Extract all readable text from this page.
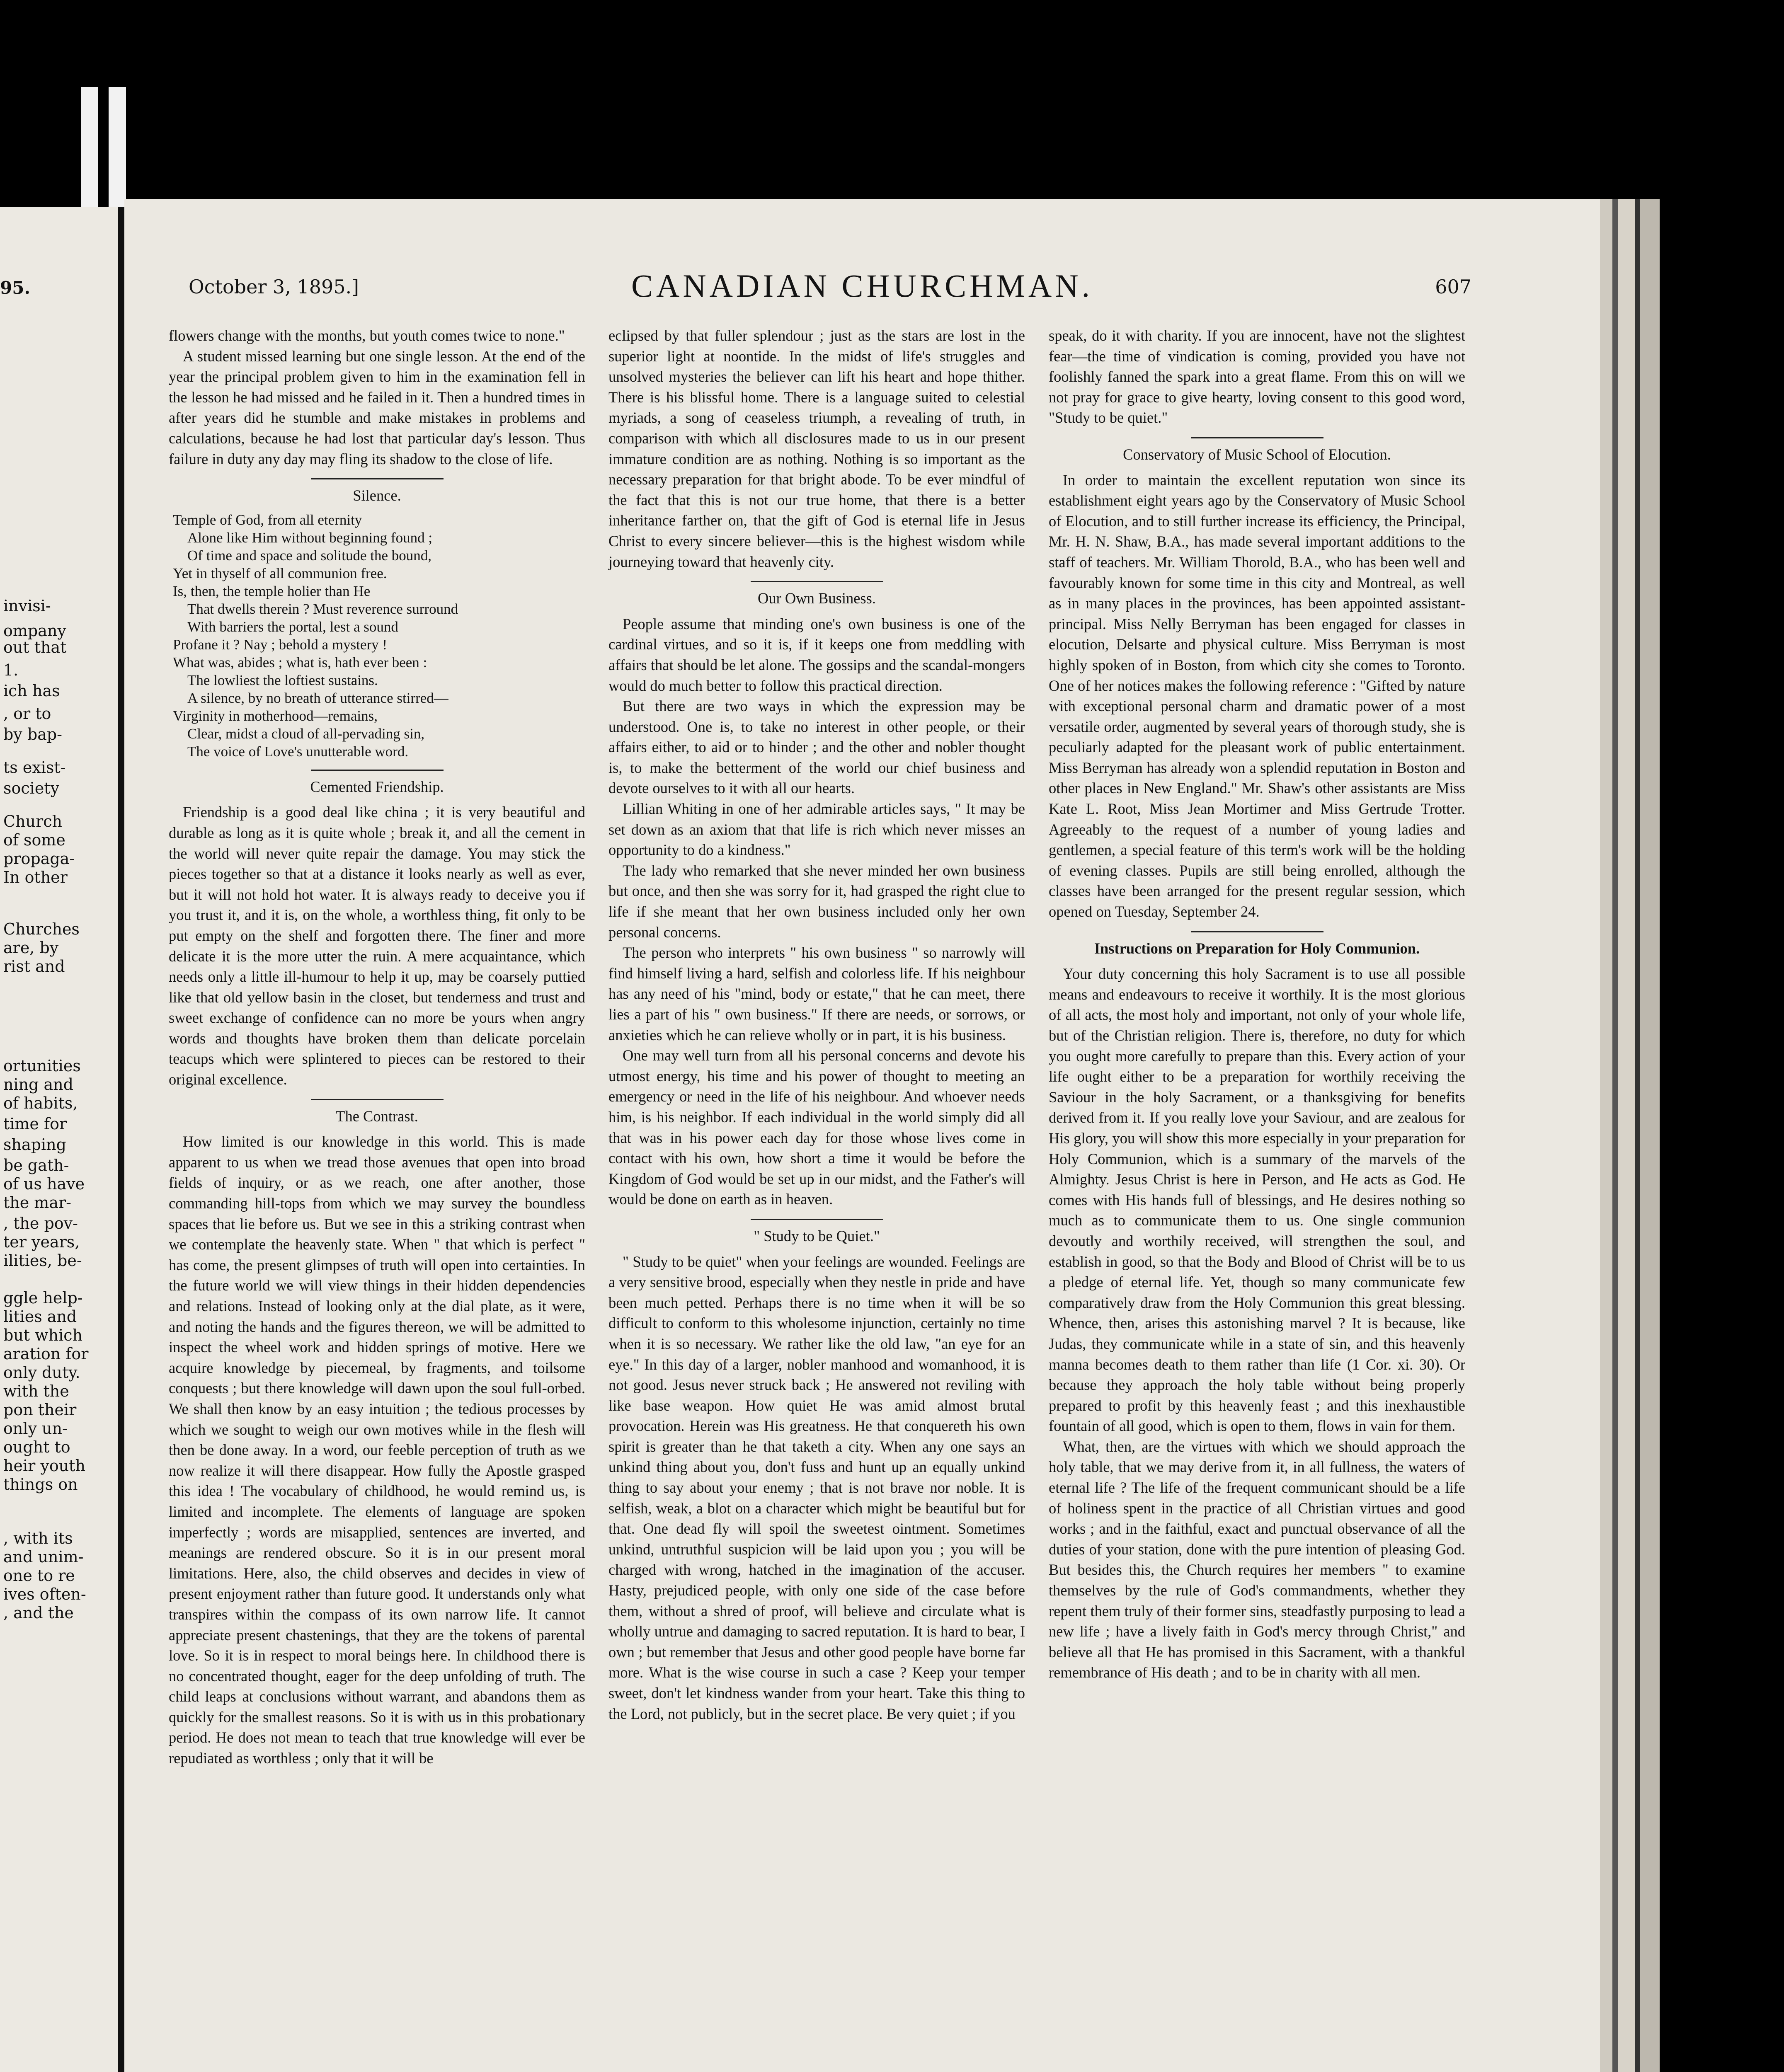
95.
invisi-
ompany
out that
1.
ich has
, or to
by bap-
ts exist-
society
Church
of some
propaga-
In other
Churches
are, by
rist and
ortunities
ning and
of habits,
time for
shaping
be gath-
of us have
the mar-
, the pov-
ter years,
ilities, be-
ggle help-
lities and
but which
aration for
only duty.
with the
pon their
only un-
ought to
heir youth
things on
, with its
and unim-
one to re
ives often-
, and the
October 3, 1895.]	CANADIAN CHURCHMAN.	607

flowers change with the months, but youth comes twice to none."

A student missed learning but one single lesson. At the end of the year the principal problem given to him in the examination fell in the lesson he had missed and he failed in it. Then a hundred times in after years did he stumble and make mistakes in problems and calculations, because he had lost that particular day's lesson. Thus failure in duty any day may fling its shadow to the close of life.

Silence.
Temple of God, from all eternity
Alone like Him without beginning found ;
Of time and space and solitude the bound,
Yet in thyself of all communion free.
Is, then, the temple holier than He
That dwells therein ? Must reverence surround
With barriers the portal, lest a sound
Profane it ? Nay ; behold a mystery !
What was, abides ; what is, hath ever been :
The lowliest the loftiest sustains.
A silence, by no breath of utterance stirred—
Virginity in motherhood—remains,
Clear, midst a cloud of all-pervading sin,
The voice of Love's unutterable word.
Cemented Friendship.

Friendship is a good deal like china ; it is very beautiful and durable as long as it is quite whole ; break it, and all the cement in the world will never quite repair the damage. You may stick the pieces together so that at a distance it looks nearly as well as ever, but it will not hold hot water. It is always ready to deceive you if you trust it, and it is, on the whole, a worthless thing, fit only to be put empty on the shelf and forgotten there. The finer and more delicate it is the more utter the ruin. A mere acquaintance, which needs only a little ill-humour to help it up, may be coarsely puttied like that old yellow basin in the closet, but tenderness and trust and sweet exchange of confidence can no more be yours when angry words and thoughts have broken them than delicate porcelain teacups which were splintered to pieces can be restored to their original excellence.

The Contrast.

How limited is our knowledge in this world. This is made apparent to us when we tread those avenues that open into broad fields of inquiry, or as we reach, one after another, those commanding hill-tops from which we may survey the boundless spaces that lie before us. But we see in this a striking contrast when we contemplate the heavenly state. When " that which is perfect " has come, the present glimpses of truth will open into certainties. In the future world we will view things in their hidden dependencies and relations. Instead of looking only at the dial plate, as it were, and noting the hands and the figures thereon, we will be admitted to inspect the wheel work and hidden springs of motive. Here we acquire knowledge by piecemeal, by fragments, and toilsome conquests ; but there knowledge will dawn upon the soul full-orbed. We shall then know by an easy intuition ; the tedious processes by which we sought to weigh our own motives while in the flesh will then be done away. In a word, our feeble perception of truth as we now realize it will there disappear. How fully the Apostle grasped this idea ! The vocabulary of childhood, he would remind us, is limited and incomplete. The elements of language are spoken imperfectly ; words are misapplied, sentences are inverted, and meanings are rendered obscure. So it is in our present moral limitations. Here, also, the child observes and decides in view of present enjoyment rather than future good. It understands only what transpires within the compass of its own narrow life. It cannot appreciate present chastenings, that they are the tokens of parental love. So it is in respect to moral beings here. In childhood there is no concentrated thought, eager for the deep unfolding of truth. The child leaps at conclusions without warrant, and abandons them as quickly for the smallest reasons. So it is with us in this probationary period. He does not mean to teach that true knowledge will ever be repudiated as worthless ; only that it will be

eclipsed by that fuller splendour ; just as the stars are lost in the superior light at noontide. In the midst of life's struggles and unsolved mysteries the believer can lift his heart and hope thither. There is his blissful home. There is a language suited to celestial myriads, a song of ceaseless triumph, a revealing of truth, in comparison with which all disclosures made to us in our present immature condition are as nothing. Nothing is so important as the necessary preparation for that bright abode. To be ever mindful of the fact that this is not our true home, that there is a better inheritance farther on, that the gift of God is eternal life in Jesus Christ to every sincere believer—this is the highest wisdom while journeying toward that heavenly city.

Our Own Business.

People assume that minding one's own business is one of the cardinal virtues, and so it is, if it keeps one from meddling with affairs that should be let alone. The gossips and the scandal-mongers would do much better to follow this practical direction.

But there are two ways in which the expression may be understood. One is, to take no interest in other people, or their affairs either, to aid or to hinder ; and the other and nobler thought is, to make the betterment of the world our chief business and devote ourselves to it with all our hearts.

Lillian Whiting in one of her admirable articles says, " It may be set down as an axiom that that life is rich which never misses an opportunity to do a kindness."

The lady who remarked that she never minded her own business but once, and then she was sorry for it, had grasped the right clue to life if she meant that her own business included only her own personal concerns.

The person who interprets " his own business " so narrowly will find himself living a hard, selfish and colorless life. If his neighbour has any need of his "mind, body or estate," that he can meet, there lies a part of his " own business." If there are needs, or sorrows, or anxieties which he can relieve wholly or in part, it is his business.

One may well turn from all his personal concerns and devote his utmost energy, his time and his power of thought to meeting an emergency or need in the life of his neighbour. And whoever needs him, is his neighbor. If each individual in the world simply did all that was in his power each day for those whose lives come in contact with his own, how short a time it would be before the Kingdom of God would be set up in our midst, and the Father's will would be done on earth as in heaven.

" Study to be Quiet."

" Study to be quiet" when your feelings are wounded. Feelings are a very sensitive brood, especially when they nestle in pride and have been much petted. Perhaps there is no time when it will be so difficult to conform to this wholesome injunction, certainly no time when it is so necessary. We rather like the old law, "an eye for an eye." In this day of a larger, nobler manhood and womanhood, it is not good. Jesus never struck back ; He answered not reviling with like base weapon. How quiet He was amid almost brutal provocation. Herein was His greatness. He that conquereth his own spirit is greater than he that taketh a city. When any one says an unkind thing about you, don't fuss and hunt up an equally unkind thing to say about your enemy ; that is not brave nor noble. It is selfish, weak, a blot on a character which might be beautiful but for that. One dead fly will spoil the sweetest ointment. Sometimes unkind, untruthful suspicion will be laid upon you ; you will be charged with wrong, hatched in the imagination of the accuser. Hasty, prejudiced people, with only one side of the case before them, without a shred of proof, will believe and circulate what is wholly untrue and damaging to sacred reputation. It is hard to bear, I own ; but remember that Jesus and other good people have borne far more. What is the wise course in such a case ? Keep your temper sweet, don't let kindness wander from your heart. Take this thing to the Lord, not publicly, but in the secret place. Be very quiet ; if you

speak, do it with charity. If you are innocent, have not the slightest fear—the time of vindication is coming, provided you have not foolishly fanned the spark into a great flame. From this on will we not pray for grace to give hearty, loving consent to this good word, "Study to be quiet."

Conservatory of Music School of Elocution.

In order to maintain the excellent reputation won since its establishment eight years ago by the Conservatory of Music School of Elocution, and to still further increase its efficiency, the Principal, Mr. H. N. Shaw, B.A., has made several important additions to the staff of teachers. Mr. William Thorold, B.A., who has been well and favourably known for some time in this city and Montreal, as well as in many places in the provinces, has been appointed assistant-principal. Miss Nelly Berryman has been engaged for classes in elocution, Delsarte and physical culture. Miss Berryman is most highly spoken of in Boston, from which city she comes to Toronto. One of her notices makes the following reference : "Gifted by nature with exceptional personal charm and dramatic power of a most versatile order, augmented by several years of thorough study, she is peculiarly adapted for the pleasant work of public entertainment. Miss Berryman has already won a splendid reputation in Boston and other places in New England." Mr. Shaw's other assistants are Miss Kate L. Root, Miss Jean Mortimer and Miss Gertrude Trotter. Agreeably to the request of a number of young ladies and gentlemen, a special feature of this term's work will be the holding of evening classes. Pupils are still being enrolled, although the classes have been arranged for the present regular session, which opened on Tuesday, September 24.

Instructions on Preparation for Holy Communion.

Your duty concerning this holy Sacrament is to use all possible means and endeavours to receive it worthily. It is the most glorious of all acts, the most holy and important, not only of your whole life, but of the Christian religion. There is, therefore, no duty for which you ought more carefully to prepare than this. Every action of your life ought either to be a preparation for worthily receiving the Saviour in the holy Sacrament, or a thanksgiving for benefits derived from it. If you really love your Saviour, and are zealous for His glory, you will show this more especially in your preparation for Holy Communion, which is a summary of the marvels of the Almighty. Jesus Christ is here in Person, and He acts as God. He comes with His hands full of blessings, and He desires nothing so much as to communicate them to us. One single communion devoutly and worthily received, will strengthen the soul, and establish in good, so that the Body and Blood of Christ will be to us a pledge of eternal life. Yet, though so many communicate few comparatively draw from the Holy Communion this great blessing. Whence, then, arises this astonishing marvel ? It is because, like Judas, they communicate while in a state of sin, and this heavenly manna becomes death to them rather than life (1 Cor. xi. 30). Or because they approach the holy table without being properly prepared to profit by this heavenly feast ; and this inexhaustible fountain of all good, which is open to them, flows in vain for them.

What, then, are the virtues with which we should approach the holy table, that we may derive from it, in all fullness, the waters of eternal life ? The life of the frequent communicant should be a life of holiness spent in the practice of all Christian virtues and good works ; and in the faithful, exact and punctual observance of all the duties of your station, done with the pure intention of pleasing God. But besides this, the Church requires her members " to examine themselves by the rule of God's commandments, whether they repent them truly of their former sins, steadfastly purposing to lead a new life ; have a lively faith in God's mercy through Christ," and believe all that He has promised in this Sacrament, with a thankful remembrance of His death ; and to be in charity with all men.
